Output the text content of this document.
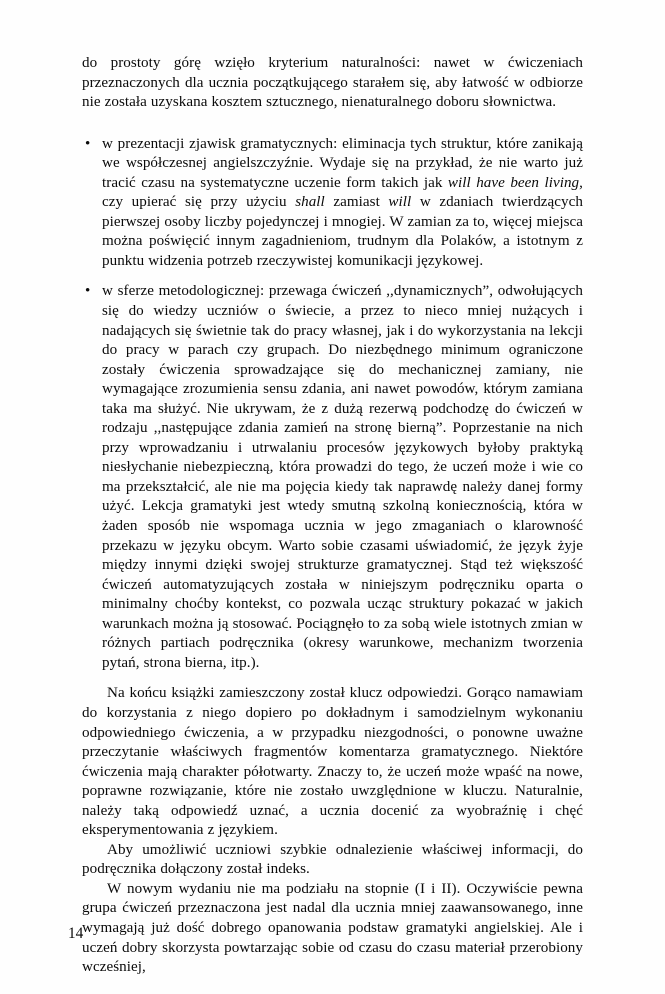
do prostoty górę wzięło kryterium naturalności: nawet w ćwiczeniach przeznaczonych dla ucznia początkującego starałem się, aby łatwość w odbiorze nie została uzyskana kosztem sztucznego, nienaturalnego doboru słownictwa.

• w prezentacji zjawisk gramatycznych: eliminacja tych struktur, które zanikają we współczesnej angielszczyźnie. Wydaje się na przykład, że nie warto już tracić czasu na systematyczne uczenie form takich jak will have been living, czy upierać się przy użyciu shall zamiast will w zdaniach twierdzących pierwszej osoby liczby pojedynczej i mnogiej. W zamian za to, więcej miejsca można poświęcić innym zagadnieniom, trudnym dla Polaków, a istotnym z punktu widzenia potrzeb rzeczywistej komunikacji językowej.

• w sferze metodologicznej: przewaga ćwiczeń ,,dynamicznych”, odwołujących się do wiedzy uczniów o świecie, a przez to nieco mniej nużących i nadających się świetnie tak do pracy własnej, jak i do wykorzystania na lekcji do pracy w parach czy grupach. Do niezbędnego minimum ograniczone zostały ćwiczenia sprowadzające się do mechanicznej zamiany, nie wymagające zrozumienia sensu zdania, ani nawet powodów, którym zamiana taka ma służyć. Nie ukrywam, że z dużą rezerwą podchodzę do ćwiczeń w rodzaju ,,następujące zdania zamień na stronę bierną”. Poprzestanie na nich przy wprowadzaniu i utrwalaniu procesów językowych byłoby praktyką niesłychanie niebezpieczną, która prowadzi do tego, że uczeń może i wie co ma przekształcić, ale nie ma pojęcia kiedy tak naprawdę należy danej formy użyć. Lekcja gramatyki jest wtedy smutną szkolną koniecznością, która w żaden sposób nie wspomaga ucznia w jego zmaganiach o klarowność przekazu w języku obcym. Warto sobie czasami uświadomić, że język żyje między innymi dzięki swojej strukturze gramatycznej. Stąd też większość ćwiczeń automatyzujących została w niniejszym podręczniku oparta o minimalny choćby kontekst, co pozwala ucząc struktury pokazać w jakich warunkach można ją stosować. Pociągnęło to za sobą wiele istotnych zmian w różnych partiach podręcznika (okresy warunkowe, mechanizm tworzenia pytań, strona bierna, itp.).

Na końcu książki zamieszczony został klucz odpowiedzi. Gorąco namawiam do korzystania z niego dopiero po dokładnym i samodzielnym wykonaniu odpowiedniego ćwiczenia, a w przypadku niezgodności, o ponowne uważne przeczytanie właściwych fragmentów komentarza gramatycznego. Niektóre ćwiczenia mają charakter półotwarty. Znaczy to, że uczeń może wpaść na nowe, poprawne rozwiązanie, które nie zostało uwzględnione w kluczu. Naturalnie, należy taką odpowiedź uznać, a ucznia docenić za wyobraźnię i chęć eksperymentowania z językiem.

Aby umożliwić uczniowi szybkie odnalezienie właściwej informacji, do podręcznika dołączony został indeks.

W nowym wydaniu nie ma podziału na stopnie (I i II). Oczywiście pewna grupa ćwiczeń przeznaczona jest nadal dla ucznia mniej zaawansowanego, inne wymagają już dość dobrego opanowania podstaw gramatyki angielskiej. Ale i uczeń dobry skorzysta powtarzając sobie od czasu do czasu materiał przerobiony wcześniej,

14
